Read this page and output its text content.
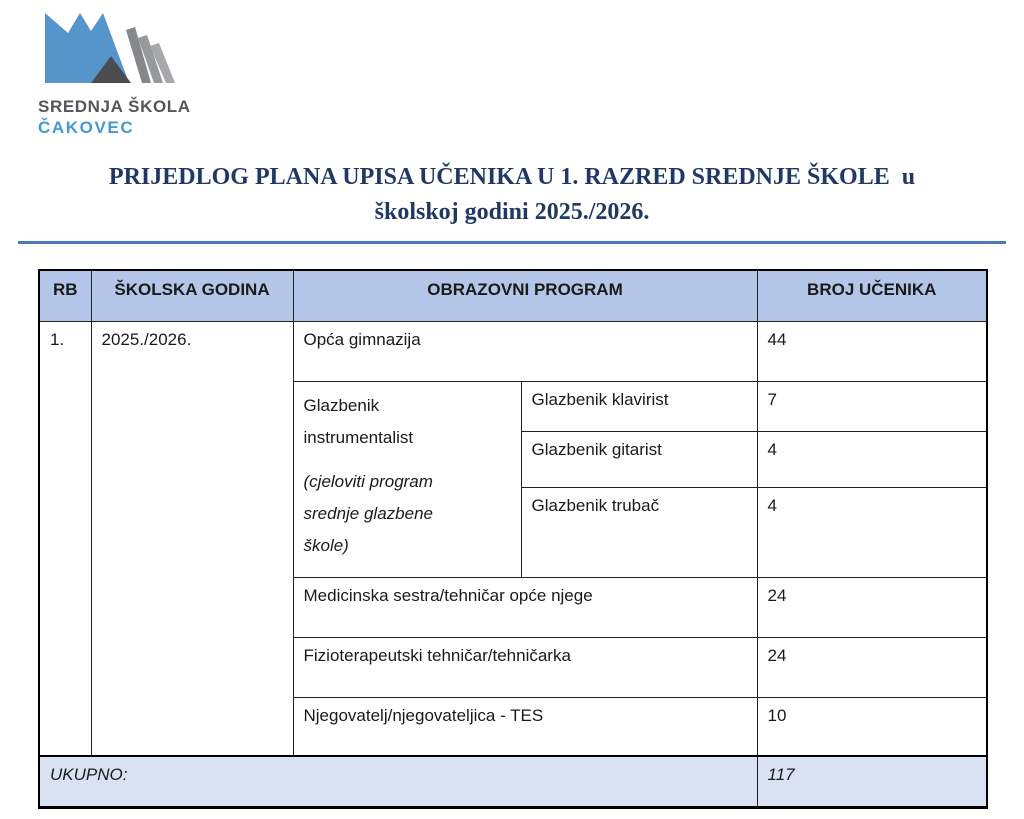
SREDNJA ŠKOLA
ČAKOVEC
PRIJEDLOG PLANA UPISA UČENIKA U 1. RAZRED SREDNJE ŠKOLE  u
školskoj godini 2025./2026.
RB	ŠKOLSKA GODINA	OBRAZOVNI PROGRAM		BROJ UČENIKA
1.	2025./2026.	Opća gimnazija		44

		Glazbenik instrumentalist
(cjeloviti program srednje glazbene škole)	Glazbenik klavirist	7
			Glazbenik gitarist	4
			Glazbenik trubač	4
		Medicinska sestra/tehničar opće njege		24
		Fizioterapeutski tehničar/tehničarka		24
		Njegovatelj/njegovateljica - TES		10
UKUPNO:				117
